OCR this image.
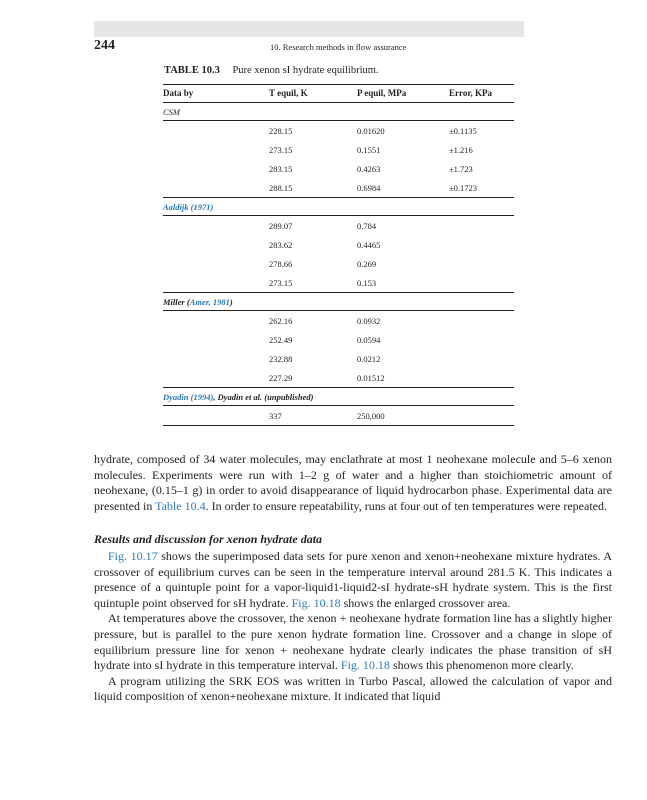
244	10. Research methods in flow assurance
TABLE 10.3 Pure xenon sI hydrate equilibrium.
Data by	T equil, K	P equil, MPa	Error, KPa
CSM			
	228.15	0.01620	±0.1135
	273.15	0.1551	±1.216
	283.15	0.4263	±1.723
	288.15	0.6984	±0.1723
Aaldijk (1971)			
	289.07	0.784	
	283.62	0.4465	
	278.66	0.269	
	273.15	0.153	
Miller (Amer, 1981)			
	262.16	0.0932	
	252.49	0.0594	
	232.88	0.0212	
	227.29	0.01512	
Dyadin (1994), Dyadin et al. (unpublished)			
	337	250,000	

hydrate, composed of 34 water molecules, may enclathrate at most 1 neohexane molecule and 5–6 xenon molecules. Experiments were run with 1–2 g of water and a higher than stoichiometric amount of neohexane, (0.15–1 g) in order to avoid disappearance of liquid hydrocarbon phase. Experimental data are presented in Table 10.4. In order to ensure repeatability, runs at four out of ten temperatures were repeated.

Results and discussion for xenon hydrate data

Fig. 10.17 shows the superimposed data sets for pure xenon and xenon+neohexane mixture hydrates. A crossover of equilibrium curves can be seen in the temperature interval around 281.5 K. This indicates a presence of a quintuple point for a vapor-liquid1-liquid2-sI hydrate-sH hydrate system. This is the first quintuple point observed for sH hydrate. Fig. 10.18 shows the enlarged crossover area.

At temperatures above the crossover, the xenon + neohexane hydrate formation line has a slightly higher pressure, but is parallel to the pure xenon hydrate formation line. Crossover and a change in slope of equilibrium pressure line for xenon + neohexane hydrate clearly indicates the phase transition of sH hydrate into sI hydrate in this temperature interval. Fig. 10.18 shows this phenomenon more clearly.

A program utilizing the SRK EOS was written in Turbo Pascal, allowed the calculation of vapor and liquid composition of xenon+neohexane mixture. It indicated that liquid
